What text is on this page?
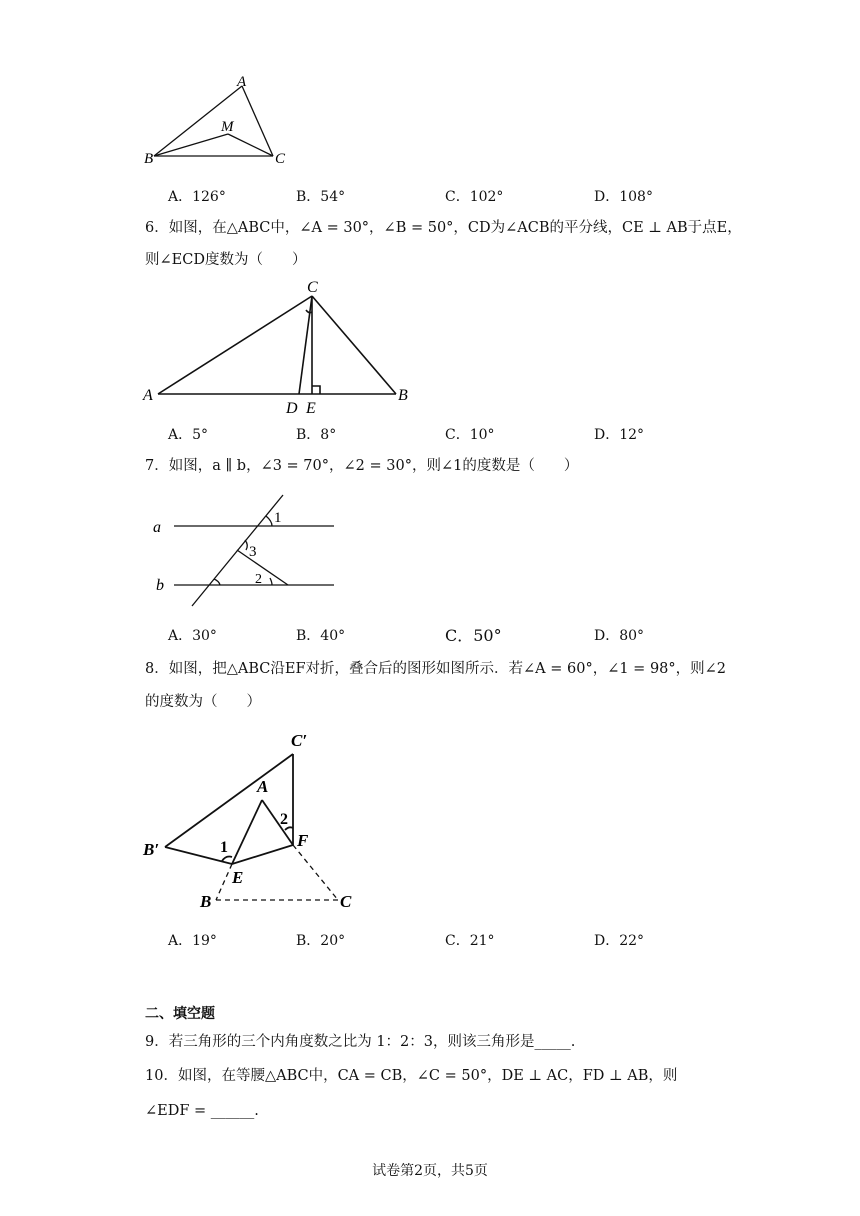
A
M
B	C
A．126°	B．54°	C．102°	D．108°
6．如图，在△ABC中，∠A = 30°，∠B = 50°，CD为∠ACB的平分线，CE ⊥ AB于点E，
则∠ECD度数为（　　）
C
A	B
D E
A．5°	B．8°	C．10°	D．12°
7．如图，a ∥ b，∠3 = 70°，∠2 = 30°，则∠1的度数是（　　）
a
b
1
3
2
A．30°	B．40°	C．50°	D．80°
8．如图，把△ABC沿EF对折，叠合后的图形如图所示．若∠A = 60°，∠1 = 98°，则∠2
的度数为（　　）
C′
A
B′	1
2
F
E
B	C
A．19°	B．20°	C．21°	D．22°
二、填空题
9．若三角形的三个内角度数之比为 1：2：3，则该三角形是_____.
10．如图，在等腰△ABC中，CA = CB，∠C = 50°，DE ⊥ AC，FD ⊥ AB，则
∠EDF = ______.
试卷第2页，共5页
